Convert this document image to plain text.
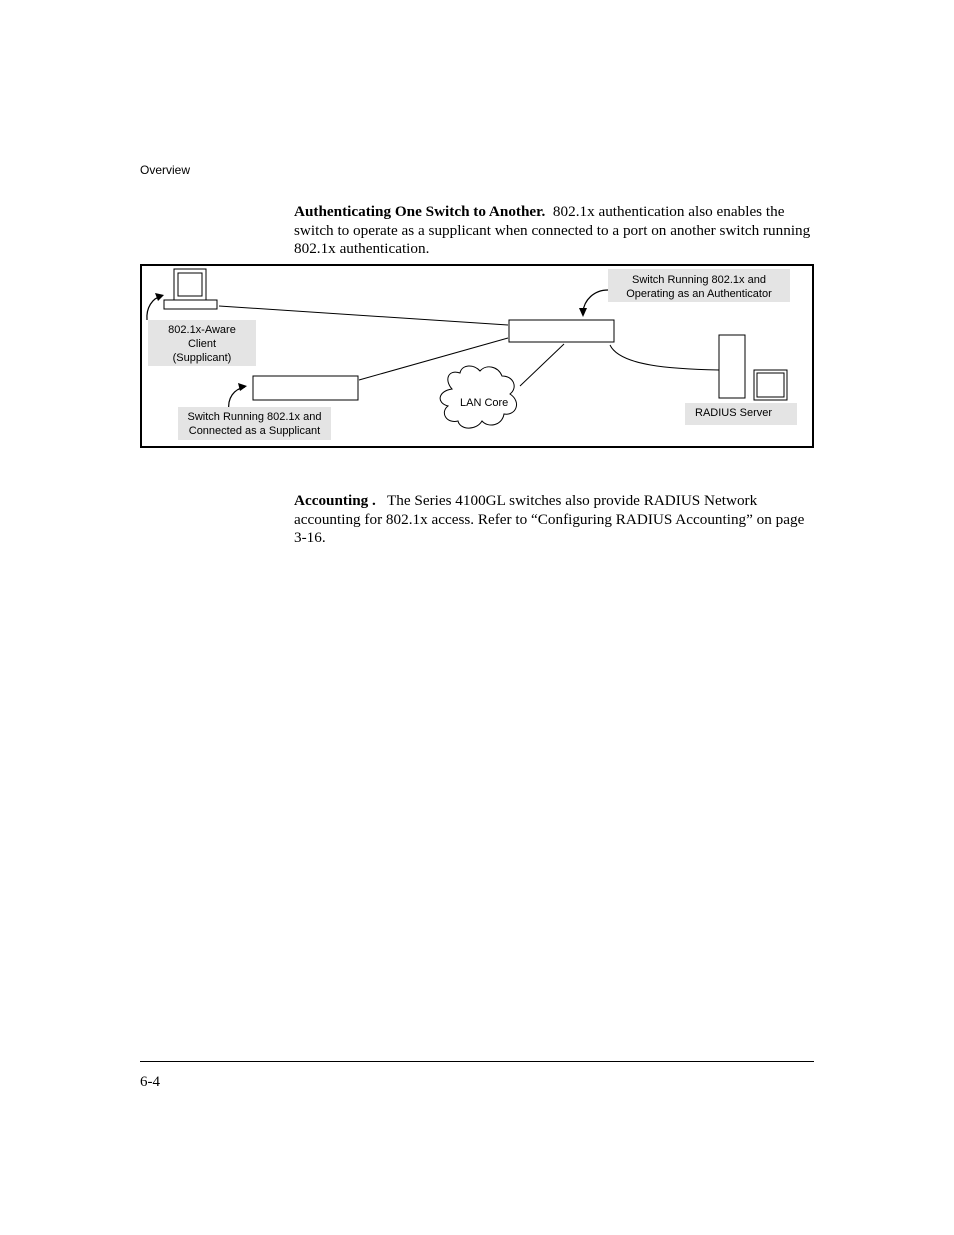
Overview
Authenticating One Switch to Another. 802.1x authentication also enables the switch to operate as a supplicant when connected to a port on another switch running 802.1x authentication.
802.1x-Aware
Client
(Supplicant)
Switch Running 802.1x and
Connected as a Supplicant
Switch Running 802.1x and
Operating as an Authenticator
LAN Core
RADIUS Server
Accounting . The Series 4100GL switches also provide RADIUS Network accounting for 802.1x access. Refer to “Configuring RADIUS Accounting” on page 3-16.
6-4
